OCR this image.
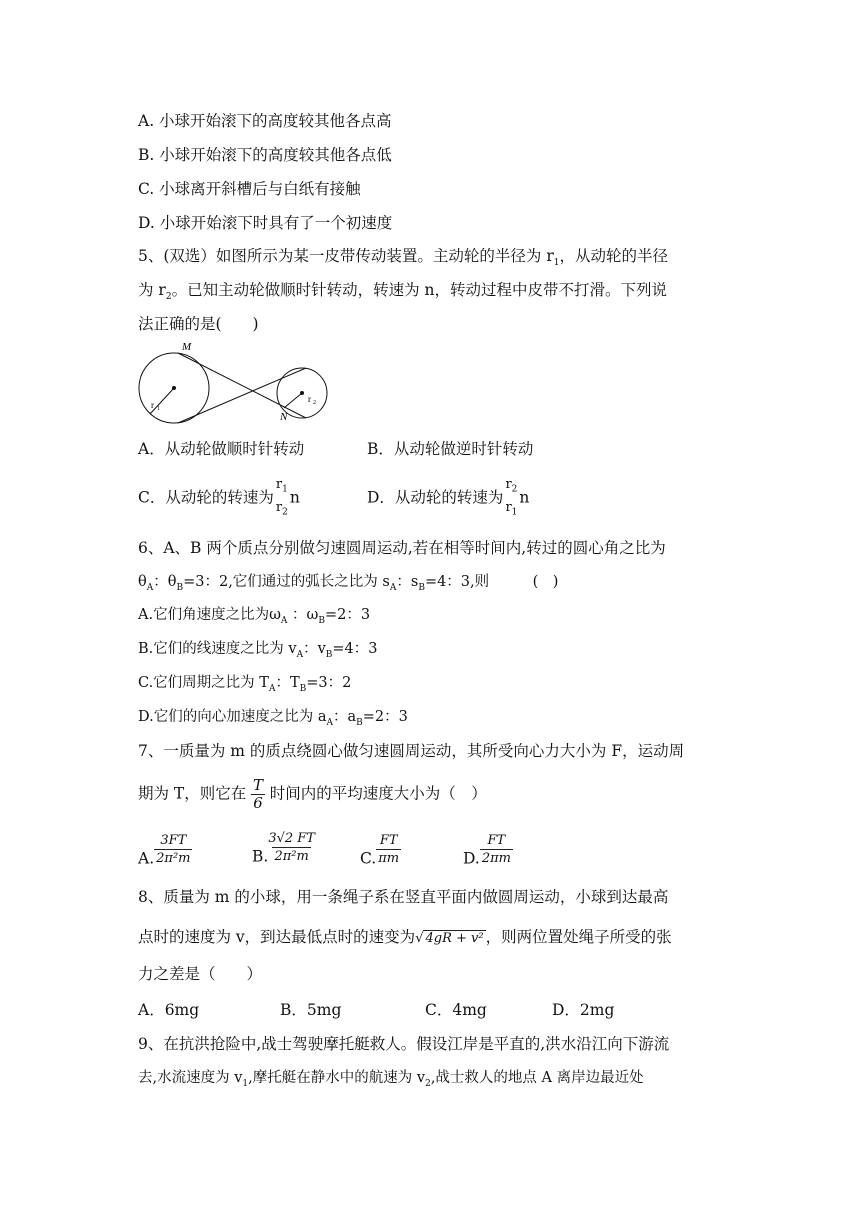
A. 小球开始滚下的高度较其他各点高
B. 小球开始滚下的高度较其他各点低
C. 小球离开斜槽后与白纸有接触
D. 小球开始滚下时具有了一个初速度
5、(双选）如图所示为某一皮带传动装置。主动轮的半径为 $r_1$，从动轮的半径
为 $r_2$。已知主动轮做顺时针转动，转速为 n，转动过程中皮带不打滑。下列说
法正确的是(　　)
M
N
r 1
r 2
A．从动轮做顺时针转动	B．从动轮做逆时针转动
C．从动轮的转速为
$r_1$
$r_2$
n	D．从动轮的转速为
$r_2$
$r_1$
n
6、A、B 两个质点分别做匀速圆周运动,若在相等时间内,转过的圆心角之比为
$\theta_A$：$\theta_B=3$：2,它们通过的弧长之比为 $s_A$：$s_B=4$：3,则　　　(　)
A.它们角速度之比为$\omega_A$ ：$\omega_B=2$：3
B.它们的线速度之比为 $v_A$：$v_B=4$：3
C.它们周期之比为 $T_A$：$T_B=3$：2
D.它们的向心加速度之比为 $a_A$：$a_B=2$：3
7、一质量为 m 的质点绕圆心做匀速圆周运动，其所受向心力大小为 F，运动周
期为 T，则它在 $\frac{T}{6}$ 时间内的平均速度大小为（　）
A. $\frac{3FT}{\text{2π²m}}$	B. $\frac{3√2 FT}{\text{2π²m}}$	C. $\frac{FT}{\pi m}$	D. $\frac{FT}{2\pi m}$
8、质量为 m 的小球，用一条绳子系在竖直平面内做圆周运动，小球到达最高
点时的速度为 v，到达最低点时的速变为√ 4gR + v² ，则两位置处绳子所受的张
力之差是（　　）
A．6mg	B．5mg	C．4mg	D．2mg
9、在抗洪抢险中,战士驾驶摩托艇救人。假设江岸是平直的,洪水沿江向下游流
去,水流速度为 $v_1$,摩托艇在静水中的航速为 $v_2$,战士救人的地点 A 离岸边最近处
